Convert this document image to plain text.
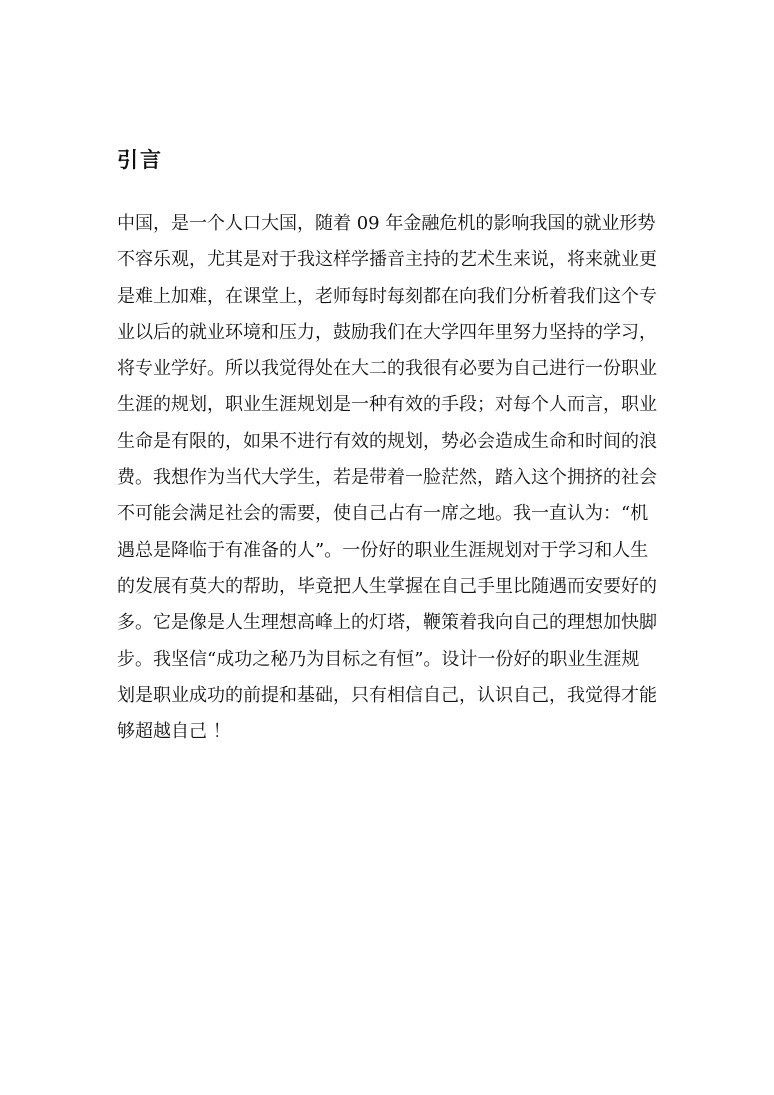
引言
中国，是一个人口大国，随着 09 年金融危机的影响我国的就业形势
不容乐观，尤其是对于我这样学播音主持的艺术生来说，将来就业更
是难上加难，在课堂上，老师每时每刻都在向我们分析着我们这个专
业以后的就业环境和压力，鼓励我们在大学四年里努力坚持的学习，
将专业学好。所以我觉得处在大二的我很有必要为自己进行一份职业
生涯的规划，职业生涯规划是一种有效的手段；对每个人而言，职业
生命是有限的，如果不进行有效的规划，势必会造成生命和时间的浪
费。我想作为当代大学生，若是带着一脸茫然，踏入这个拥挤的社会
不可能会满足社会的需要，使自己占有一席之地。我一直认为：“机
遇总是降临于有准备的人”。一份好的职业生涯规划对于学习和人生
的发展有莫大的帮助，毕竟把人生掌握在自己手里比随遇而安要好的
多。它是像是人生理想高峰上的灯塔，鞭策着我向自己的理想加快脚
步。我坚信“成功之秘乃为目标之有恒”。设计一份好的职业生涯规
划是职业成功的前提和基础，只有相信自己，认识自己，我觉得才能
够超越自己 ！
